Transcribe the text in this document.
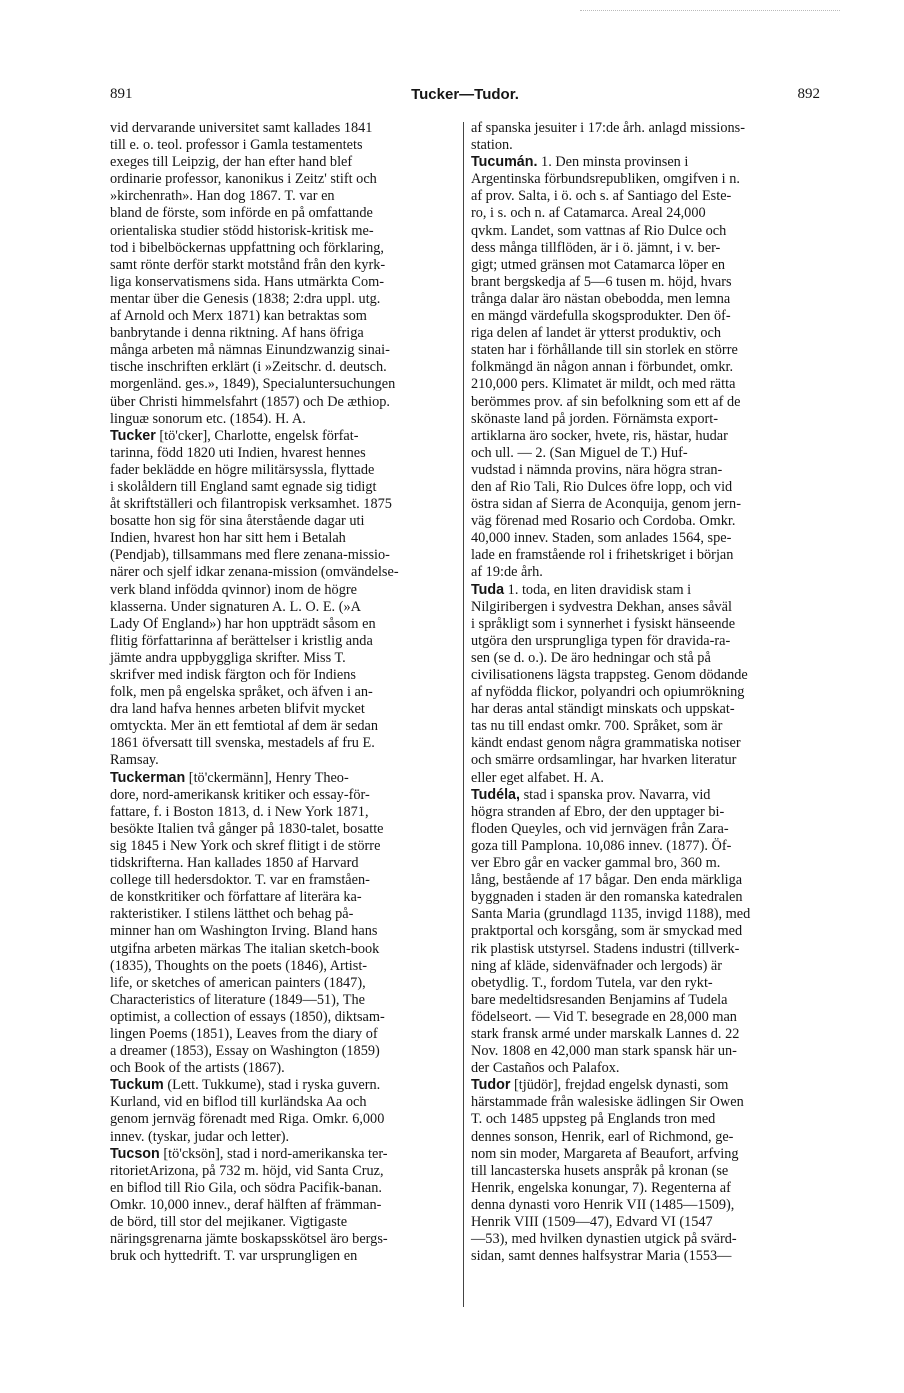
891	Tucker—Tudor.	892
vid dervarande universitet samt kallades 1841
till e. o. teol. professor i Gamla testamentets
exeges till Leipzig, der han efter hand blef
ordinarie professor, kanonikus i Zeitz' stift och
»kirchenrath». Han dog 1867. T. var en
bland de förste, som införde en på omfattande
orientaliska studier stödd historisk-kritisk me-
tod i bibelböckernas uppfattning och förklaring,
samt rönte derför starkt motstånd från den kyrk-
liga konservatismens sida. Hans utmärkta Com-
mentar über die Genesis (1838; 2:dra uppl. utg.
af Arnold och Merx 1871) kan betraktas som
banbrytande i denna riktning. Af hans öfriga
många arbeten må nämnas Einundzwanzig sinai-
tische inschriften erklärt (i »Zeitschr. d. deutsch.
morgenländ. ges.», 1849), Specialuntersuchungen
über Christi himmelsfahrt (1857) och De æthiop.
linguæ sonorum etc. (1854). H. A.
Tucker [tö'cker], Charlotte, engelsk förfat-
tarinna, född 1820 uti Indien, hvarest hennes
fader beklädde en högre militärsyssla, flyttade
i skolåldern till England samt egnade sig tidigt
åt skriftställeri och filantropisk verksamhet. 1875
bosatte hon sig för sina återstående dagar uti
Indien, hvarest hon har sitt hem i Betalah
(Pendjab), tillsammans med flere zenana-missio-
närer och sjelf idkar zenana-mission (omvändelse-
verk bland infödda qvinnor) inom de högre
klasserna. Under signaturen A. L. O. E. (»A
Lady Of England») har hon uppträdt såsom en
flitig författarinna af berättelser i kristlig anda
jämte andra uppbyggliga skrifter. Miss T.
skrifver med indisk färgton och för Indiens
folk, men på engelska språket, och äfven i an-
dra land hafva hennes arbeten blifvit mycket
omtyckta. Mer än ett femtiotal af dem är sedan
1861 öfversatt till svenska, mestadels af fru E.
Ramsay.
Tuckerman [tö'ckermänn], Henry Theo-
dore, nord-amerikansk kritiker och essay-för-
fattare, f. i Boston 1813, d. i New York 1871,
besökte Italien två gånger på 1830-talet, bosatte
sig 1845 i New York och skref flitigt i de större
tidskrifterna. Han kallades 1850 af Harvard
college till hedersdoktor. T. var en framståen-
de konstkritiker och författare af literära ka-
rakteristiker. I stilens lätthet och behag på-
minner han om Washington Irving. Bland hans
utgifna arbeten märkas The italian sketch-book
(1835), Thoughts on the poets (1846), Artist-
life, or sketches of american painters (1847),
Characteristics of literature (1849—51), The
optimist, a collection of essays (1850), diktsam-
lingen Poems (1851), Leaves from the diary of
a dreamer (1853), Essay on Washington (1859)
och Book of the artists (1867).
Tuckum (Lett. Tukkume), stad i ryska guvern.
Kurland, vid en biflod till kurländska Aa och
genom jernväg förenadt med Riga. Omkr. 6,000
innev. (tyskar, judar och letter).
Tucson [tö'cksön], stad i nord-amerikanska ter-
ritorietArizona, på 732 m. höjd, vid Santa Cruz,
en biflod till Rio Gila, och södra Pacifik-banan.
Omkr. 10,000 innev., deraf hälften af främman-
de börd, till stor del mejikaner. Vigtigaste
näringsgrenarna jämte boskapsskötsel äro bergs-
bruk och hyttedrift. T. var ursprungligen en
af spanska jesuiter i 17:de årh. anlagd missions-
station.
Tucumán. 1. Den minsta provinsen i
Argentinska förbundsrepubliken, omgifven i n.
af prov. Salta, i ö. och s. af Santiago del Este-
ro, i s. och n. af Catamarca. Areal 24,000
qvkm. Landet, som vattnas af Rio Dulce och
dess många tillflöden, är i ö. jämnt, i v. ber-
gigt; utmed gränsen mot Catamarca löper en
brant bergskedja af 5—6 tusen m. höjd, hvars
trånga dalar äro nästan obebodda, men lemna
en mängd värdefulla skogsprodukter. Den öf-
riga delen af landet är ytterst produktiv, och
staten har i förhållande till sin storlek en större
folkmängd än någon annan i förbundet, omkr.
210,000 pers. Klimatet är mildt, och med rätta
berömmes prov. af sin befolkning som ett af de
skönaste land på jorden. Förnämsta export-
artiklarna äro socker, hvete, ris, hästar, hudar
och ull. — 2. (San Miguel de T.) Huf-
vudstad i nämnda provins, nära högra stran-
den af Rio Tali, Rio Dulces öfre lopp, och vid
östra sidan af Sierra de Aconquija, genom jern-
väg förenad med Rosario och Cordoba. Omkr.
40,000 innev. Staden, som anlades 1564, spe-
lade en framstående rol i frihetskriget i början
af 19:de årh.
Tuda 1. toda, en liten dravidisk stam i
Nilgiribergen i sydvestra Dekhan, anses såväl
i språkligt som i synnerhet i fysiskt hänseende
utgöra den ursprungliga typen för dravida-ra-
sen (se d. o.). De äro hedningar och stå på
civilisationens lägsta trappsteg. Genom dödande
af nyfödda flickor, polyandri och opiumrökning
har deras antal ständigt minskats och uppskat-
tas nu till endast omkr. 700. Språket, som är
kändt endast genom några grammatiska notiser
och smärre ordsamlingar, har hvarken literatur
eller eget alfabet. H. A.
Tudéla, stad i spanska prov. Navarra, vid
högra stranden af Ebro, der den upptager bi-
floden Queyles, och vid jernvägen från Zara-
goza till Pamplona. 10,086 innev. (1877). Öf-
ver Ebro går en vacker gammal bro, 360 m.
lång, bestående af 17 bågar. Den enda märkliga
byggnaden i staden är den romanska katedralen
Santa Maria (grundlagd 1135, invigd 1188), med
praktportal och korsgång, som är smyckad med
rik plastisk utstyrsel. Stadens industri (tillverk-
ning af kläde, sidenväfnader och lergods) är
obetydlig. T., fordom Tutela, var den rykt-
bare medeltidsresanden Benjamins af Tudela
födelseort. — Vid T. besegrade en 28,000 man
stark fransk armé under marskalk Lannes d. 22
Nov. 1808 en 42,000 man stark spansk här un-
der Castaños och Palafox.
Tudor [tjüdör], frejdad engelsk dynasti, som
härstammade från walesiske ädlingen Sir Owen
T. och 1485 uppsteg på Englands tron med
dennes sonson, Henrik, earl of Richmond, ge-
nom sin moder, Margareta af Beaufort, arfving
till lancasterska husets anspråk på kronan (se
Henrik, engelska konungar, 7). Regenterna af
denna dynasti voro Henrik VII (1485—1509),
Henrik VIII (1509—47), Edvard VI (1547
—53), med hvilken dynastien utgick på svärd-
sidan, samt dennes halfsystrar Maria (1553—
